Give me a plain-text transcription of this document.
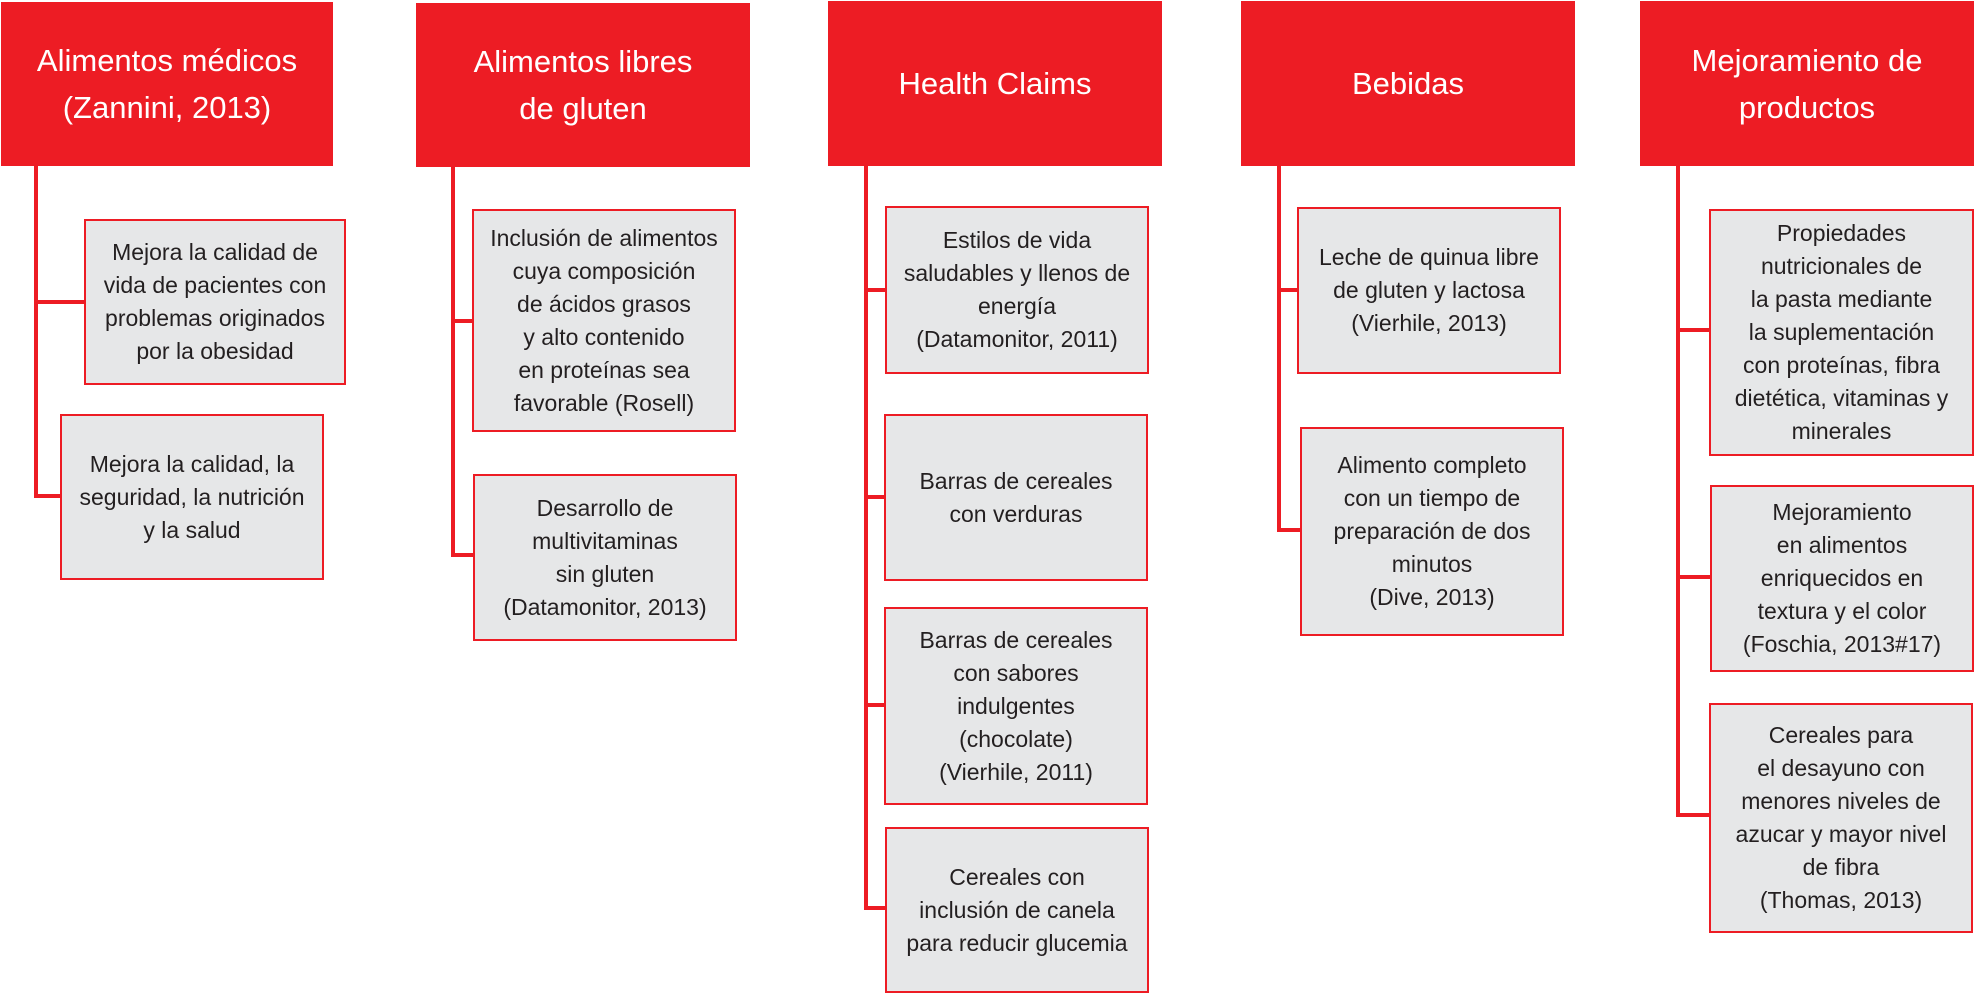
Alimentos médicos
(Zannini, 2013)
Mejora la calidad de
vida de pacientes con
problemas originados
por la obesidad
Mejora la calidad, la
seguridad, la nutrición
y la salud
Alimentos libres
de gluten
Inclusión de alimentos
cuya composición
de ácidos grasos
y alto contenido
en proteínas sea
favorable (Rosell)
Desarrollo de
multivitaminas
sin gluten
(Datamonitor, 2013)
Health Claims
Estilos de vida
saludables y llenos de
energía
(Datamonitor, 2011)
Barras de cereales
con verduras
Barras de cereales
con sabores
indulgentes
(chocolate)
(Vierhile, 2011)
Cereales con
inclusión de canela
para reducir glucemia
Bebidas
Leche de quinua libre
de gluten y lactosa
(Vierhile, 2013)
Alimento completo
con un tiempo de
preparación de dos
minutos
(Dive, 2013)
Mejoramiento de
productos
Propiedades
nutricionales de
la pasta mediante
la suplementación
con proteínas, fibra
dietética, vitaminas y
minerales
Mejoramiento
en alimentos
enriquecidos en
textura y el color
(Foschia, 2013#17)
Cereales para
el desayuno con
menores niveles de
azucar y mayor nivel
de fibra
(Thomas, 2013)
